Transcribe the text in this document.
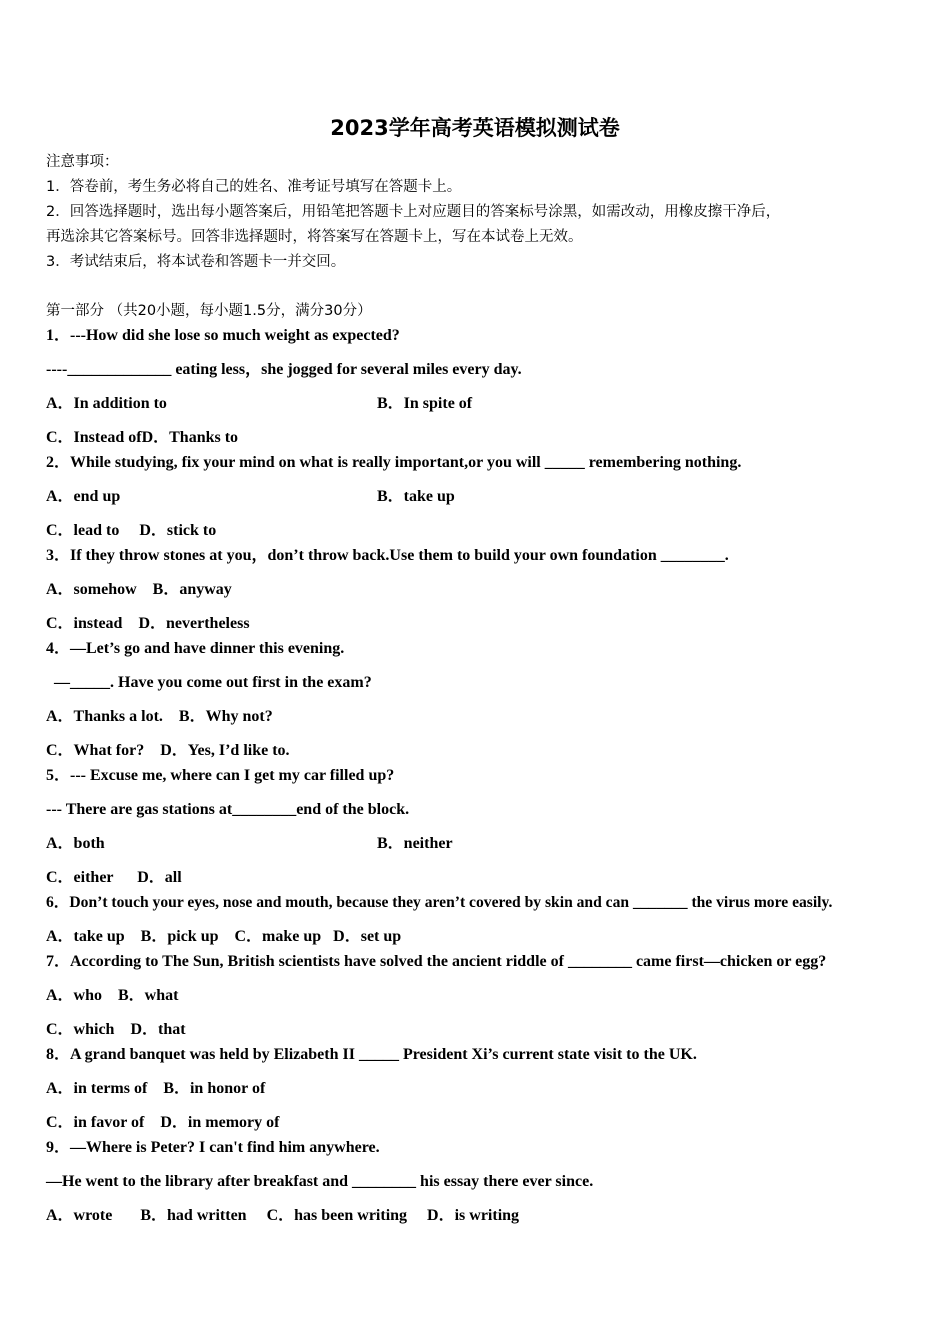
2023学年高考英语模拟测试卷
注意事项：
1．答卷前，考生务必将自己的姓名、准考证号填写在答题卡上。
2．回答选择题时，选出每小题答案后，用铅笔把答题卡上对应题目的答案标号涂黑，如需改动，用橡皮擦干净后，
再选涂其它答案标号。回答非选择题时，将答案写在答题卡上，写在本试卷上无效。
3．考试结束后，将本试卷和答题卡一并交回。
第一部分 （共20小题，每小题1.5分，满分30分）
1．---How did she lose so much weight as expected?
----_____________ eating less，she jogged for several miles every day.
A．In addition to	B．In spite of
C．Instead ofD．Thanks to
2．While studying, fix your mind on what is really important,or you will _____ remembering nothing.
A．end up	B．take up
C．lead to     D．stick to
3．If they throw stones at you，don’t throw back.Use them to build your own foundation ________.
A．somehow    B．anyway
C．instead    D．nevertheless
4．—Let’s go and have dinner this evening.
—_____. Have you come out first in the exam?
A．Thanks a lot.    B．Why not?
C．What for?    D．Yes, I’d like to.
5．--- Excuse me, where can I get my car filled up?
--- There are gas stations at________end of the block.
A．both	B．neither
C．either      D．all
6．Don’t touch your eyes, nose and mouth, because they aren’t covered by skin and can _______ the virus more easily.
A．take up    B．pick up    C．make up   D．set up
7．According to The Sun, British scientists have solved the ancient riddle of ________ came first—chicken or egg?
A．who    B．what
C．which    D．that
8．A grand banquet was held by Elizabeth II _____ President Xi’s current state visit to the UK.
A．in terms of    B．in honor of
C．in favor of    D．in memory of
9．—Where is Peter? I can't find him anywhere.
—He went to the library after breakfast and ________ his essay there ever since.
A．wrote       B．had written     C．has been writing     D．is writing
